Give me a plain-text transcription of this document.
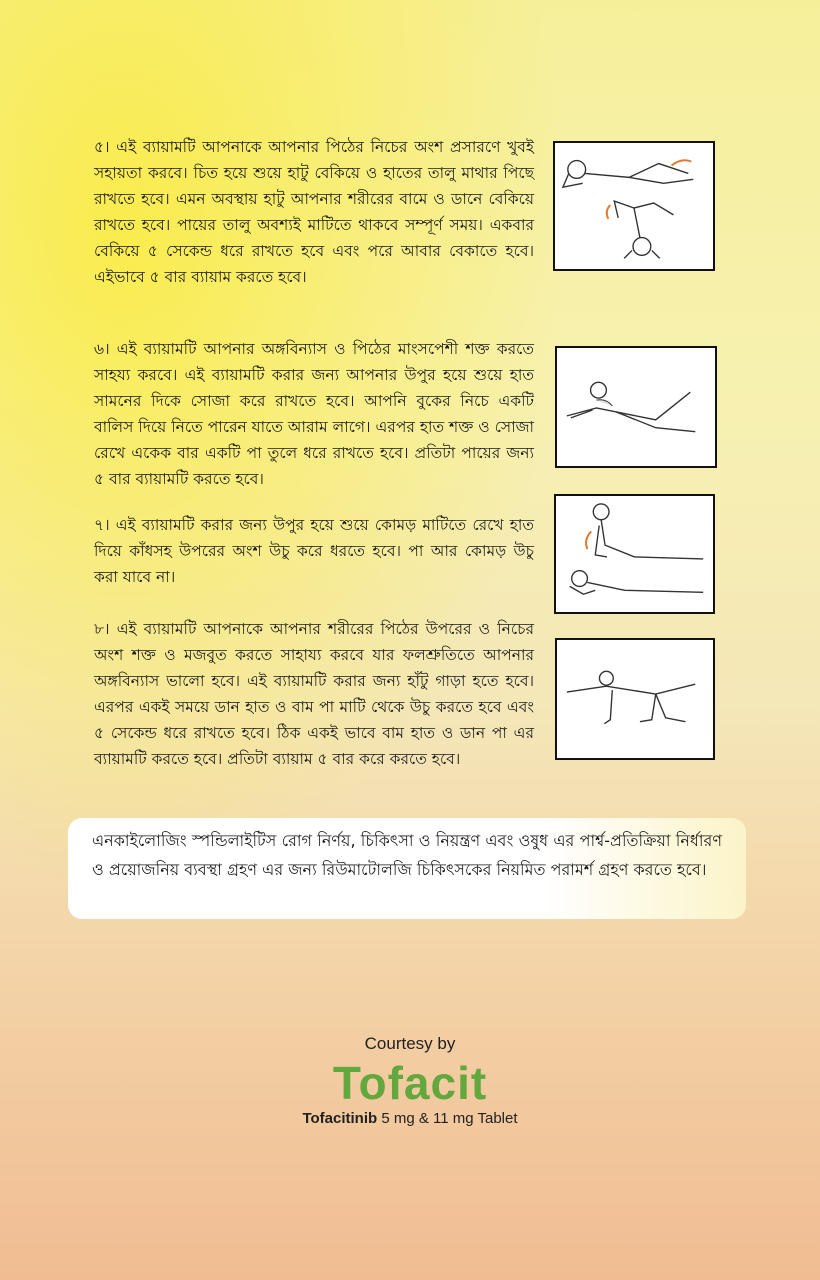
৫। এই ব্যায়ামটি আপনাকে আপনার পিঠের নিচের অংশ প্রসারণে খুবই সহায়তা করবে। চিত হয়ে শুয়ে হাটু বেকিয়ে ও হাতের তালু মাথার পিছে রাখতে হবে। এমন অবস্থায় হাটু আপনার শরীরের বামে ও ডানে বেকিয়ে রাখতে হবে। পায়ের তালু অবশ্যই মাটিতে থাকবে সম্পূর্ণ সময়। একবার বেকিয়ে ৫ সেকেন্ড ধরে রাখতে হবে এবং পরে আবার বেকাতে হবে। এইভাবে ৫ বার ব্যায়াম করতে হবে।
৬। এই ব্যায়ামটি আপনার অঙ্গবিন্যাস ও পিঠের মাংসপেশী শক্ত করতে সাহয্য করবে। এই ব্যায়ামটি করার জন্য আপনার উপুর হয়ে শুয়ে হাত সামনের দিকে সোজা করে রাখতে হবে। আপনি বুকের নিচে একটি বালিস দিয়ে নিতে পারেন যাতে আরাম লাগে। এরপর হাত শক্ত ও সোজা রেখে একেক বার একটি পা তুলে ধরে রাখতে হবে। প্রতিটা পায়ের জন্য ৫ বার ব্যায়ামটি করতে হবে।
৭। এই ব্যায়ামটি করার জন্য উপুর হয়ে শুয়ে কোমড় মাটিতে রেখে হাত দিয়ে কাঁধসহ উপরের অংশ উচু করে ধরতে হবে। পা আর কোমড় উচু করা যাবে না।
৮। এই ব্যায়ামটি আপনাকে আপনার শরীরের পিঠের উপরের ও নিচের অংশ শক্ত ও মজবুত করতে সাহায্য করবে যার ফলশ্রুতিতে আপনার অঙ্গবিন্যাস ভালো হবে। এই ব্যায়ামটি করার জন্য হাঁটু গাড়া হতে হবে। এরপর একই সময়ে ডান হাত ও বাম পা মাটি থেকে উচু করতে হবে এবং ৫ সেকেন্ড ধরে রাখতে হবে। ঠিক একই ভাবে বাম হাত ও ডান পা এর ব্যায়ামটি করতে হবে। প্রতিটা ব্যায়াম ৫ বার করে করতে হবে।
এনকাইলোজিং স্পন্ডিলাইটিস রোগ নির্ণয়, চিকিৎসা ও নিয়ন্ত্রণ এবং ওষুধ এর পার্শ্ব-প্রতিক্রিয়া নির্ধারণ ও প্রয়োজনিয় ব্যবস্থা গ্রহণ এর জন্য রিউমাটোলজি চিকিৎসকের নিয়মিত পরামর্শ গ্রহণ করতে হবে।
Courtesy by
Tofacit
Tofacitinib 5 mg & 11 mg Tablet
